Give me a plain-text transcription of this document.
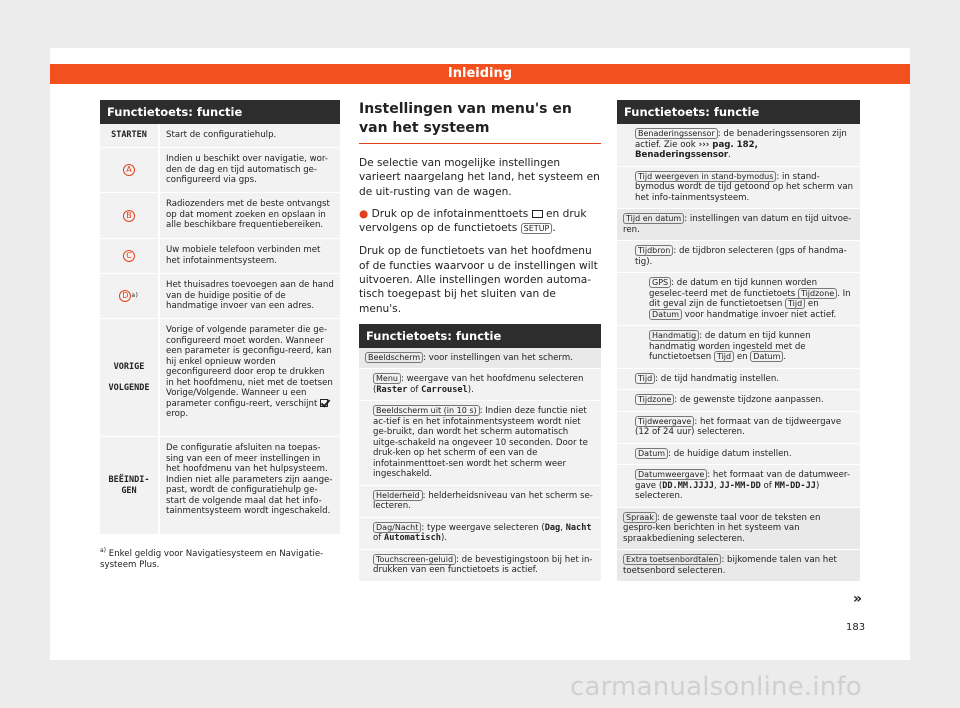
Inleiding
Functietoets: functie
STARTEN	Start de configuratiehulp.
A
Indien u beschikt over navigatie, wor-den de dag en tijd automatisch ge-configureerd via gps.
B
Radiozenders met de beste ontvangst op dat moment zoeken en opslaan in alle beschikbare frequentiebereiken.
C
Uw mobiele telefoon verbinden met het infotainmentsysteem.
D a)
Het thuisadres toevoegen aan de hand van de huidige positie of de handmatige invoer van een adres.
VORIGE

VOLGENDE
Vorige of volgende parameter die ge-configureerd moet worden. Wanneer een parameter is geconfigu-reerd, kan hij enkel opnieuw worden geconfigureerd door erop te drukken in het hoofdmenu, niet met de toetsen Vorige/Volgende. Wanneer u een parameter configu-reert, verschijnt  erop.
BEËINDI-GEN
De configuratie afsluiten na toepas-sing van een of meer instellingen in het hoofdmenu van het hulpsysteem. Indien niet alle parameters zijn aange-past, wordt de configuratiehulp ge-start de volgende maal dat het info-tainmentsysteem wordt ingeschakeld.
$^{a)}$ Enkel geldig voor Navigatiesysteem en Navigatie-systeem Plus.
Instellingen van menu's en van het systeem
De selectie van mogelijke instellingen varieert naargelang het land, het systeem en de uit-rusting van de wagen.
● Druk op de infotainmenttoets en druk vervolgens op de functietoets SETUP .
Druk op de functietoets van het hoofdmenu of de functies waarvoor u de instellingen wilt uitvoeren. Alle instellingen worden automa-tisch toegepast bij het sluiten van de menu's.
Functietoets: functie
Beeldscherm : voor instellingen van het scherm.
Menu : weergave van het hoofdmenu selecteren (Raster of Carrousel).
Beeldscherm uit (in 10 s) : Indien deze functie niet ac-tief is en het infotainmentsysteem wordt niet ge-bruikt, dan wordt het scherm automatisch uitge-schakeld na ongeveer 10 seconden. Door te druk-ken op het scherm of een van de infotainmenttoet-sen wordt het scherm weer ingeschakeld.
Helderheid : helderheidsniveau van het scherm se-lecteren.
Dag/Nacht : type weergave selecteren (Dag, Nacht of Automatisch).
Touchscreen-geluid : de bevestigingstoon bij het in-drukken van een functietoets is actief.
Functietoets: functie
Benaderingssensor : de benaderingssensoren zijn actief. Zie ook ››› pag. 182, Benaderingssensor.
Tijd weergeven in stand-bymodus : in stand-bymodus wordt de tijd getoond op het scherm van het info-tainmentsysteem.
Tijd en datum : instellingen van datum en tijd uitvoe-ren.
Tijdbron : de tijdbron selecteren (gps of handma-tig).
GPS : de datum en tijd kunnen worden geselec-teerd met de functietoets Tijdzone . In dit geval zijn de functietoetsen Tijd en Datum voor handmatige invoer niet actief.
Handmatig : de datum en tijd kunnen handmatig worden ingesteld met de functietoetsen Tijd en Datum .
Tijd : de tijd handmatig instellen.
Tijdzone : de gewenste tijdzone aanpassen.
Tijdweergave : het formaat van de tijdweergave (12 of 24 uur) selecteren.
Datum : de huidige datum instellen.
Datumweergave : het formaat van de datumweer-gave (DD.MM.JJJJ, JJ-MM-DD of MM-DD-JJ) selecteren.
Spraak : de gewenste taal voor de teksten en gespro-ken berichten in het systeem van spraakbediening selecteren.
Extra toetsenbordtalen : bijkomende talen van het toetsenbord selecteren.
»
183
carmanualsonline.info
